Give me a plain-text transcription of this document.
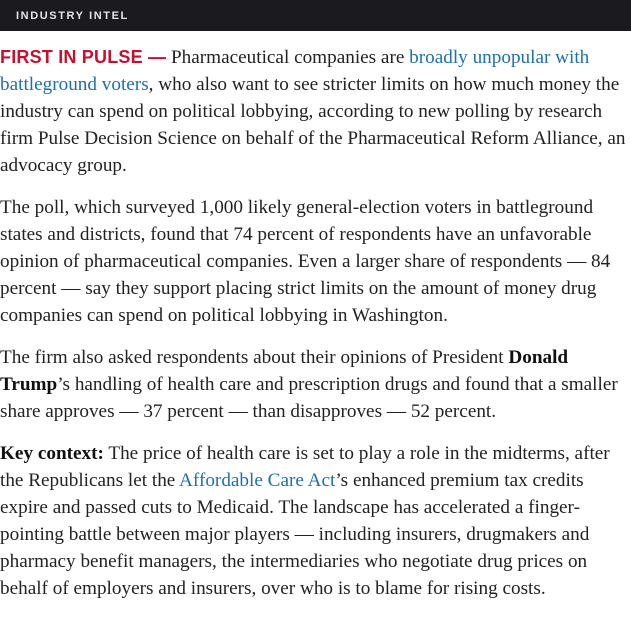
INDUSTRY INTEL

FIRST IN PULSE — Pharmaceutical companies are broadly unpopular with battleground voters, who also want to see stricter limits on how much money the industry can spend on political lobbying, according to new polling by research firm Pulse Decision Science on behalf of the Pharmaceutical Reform Alliance, an advocacy group.

The poll, which surveyed 1,000 likely general-election voters in battleground states and districts, found that 74 percent of respondents have an unfavorable opinion of pharmaceutical companies. Even a larger share of respondents — 84 percent — say they support placing strict limits on the amount of money drug companies can spend on political lobbying in Washington.

The firm also asked respondents about their opinions of President Donald Trump’s handling of health care and prescription drugs and found that a smaller share approves — 37 percent — than disapproves — 52 percent.

Key context: The price of health care is set to play a role in the midterms, after the Republicans let the Affordable Care Act’s enhanced premium tax credits expire and passed cuts to Medicaid. The landscape has accelerated a finger-pointing battle between major players — including insurers, drugmakers and pharmacy benefit managers, the intermediaries who negotiate drug prices on behalf of employers and insurers, over who is to blame for rising costs.
